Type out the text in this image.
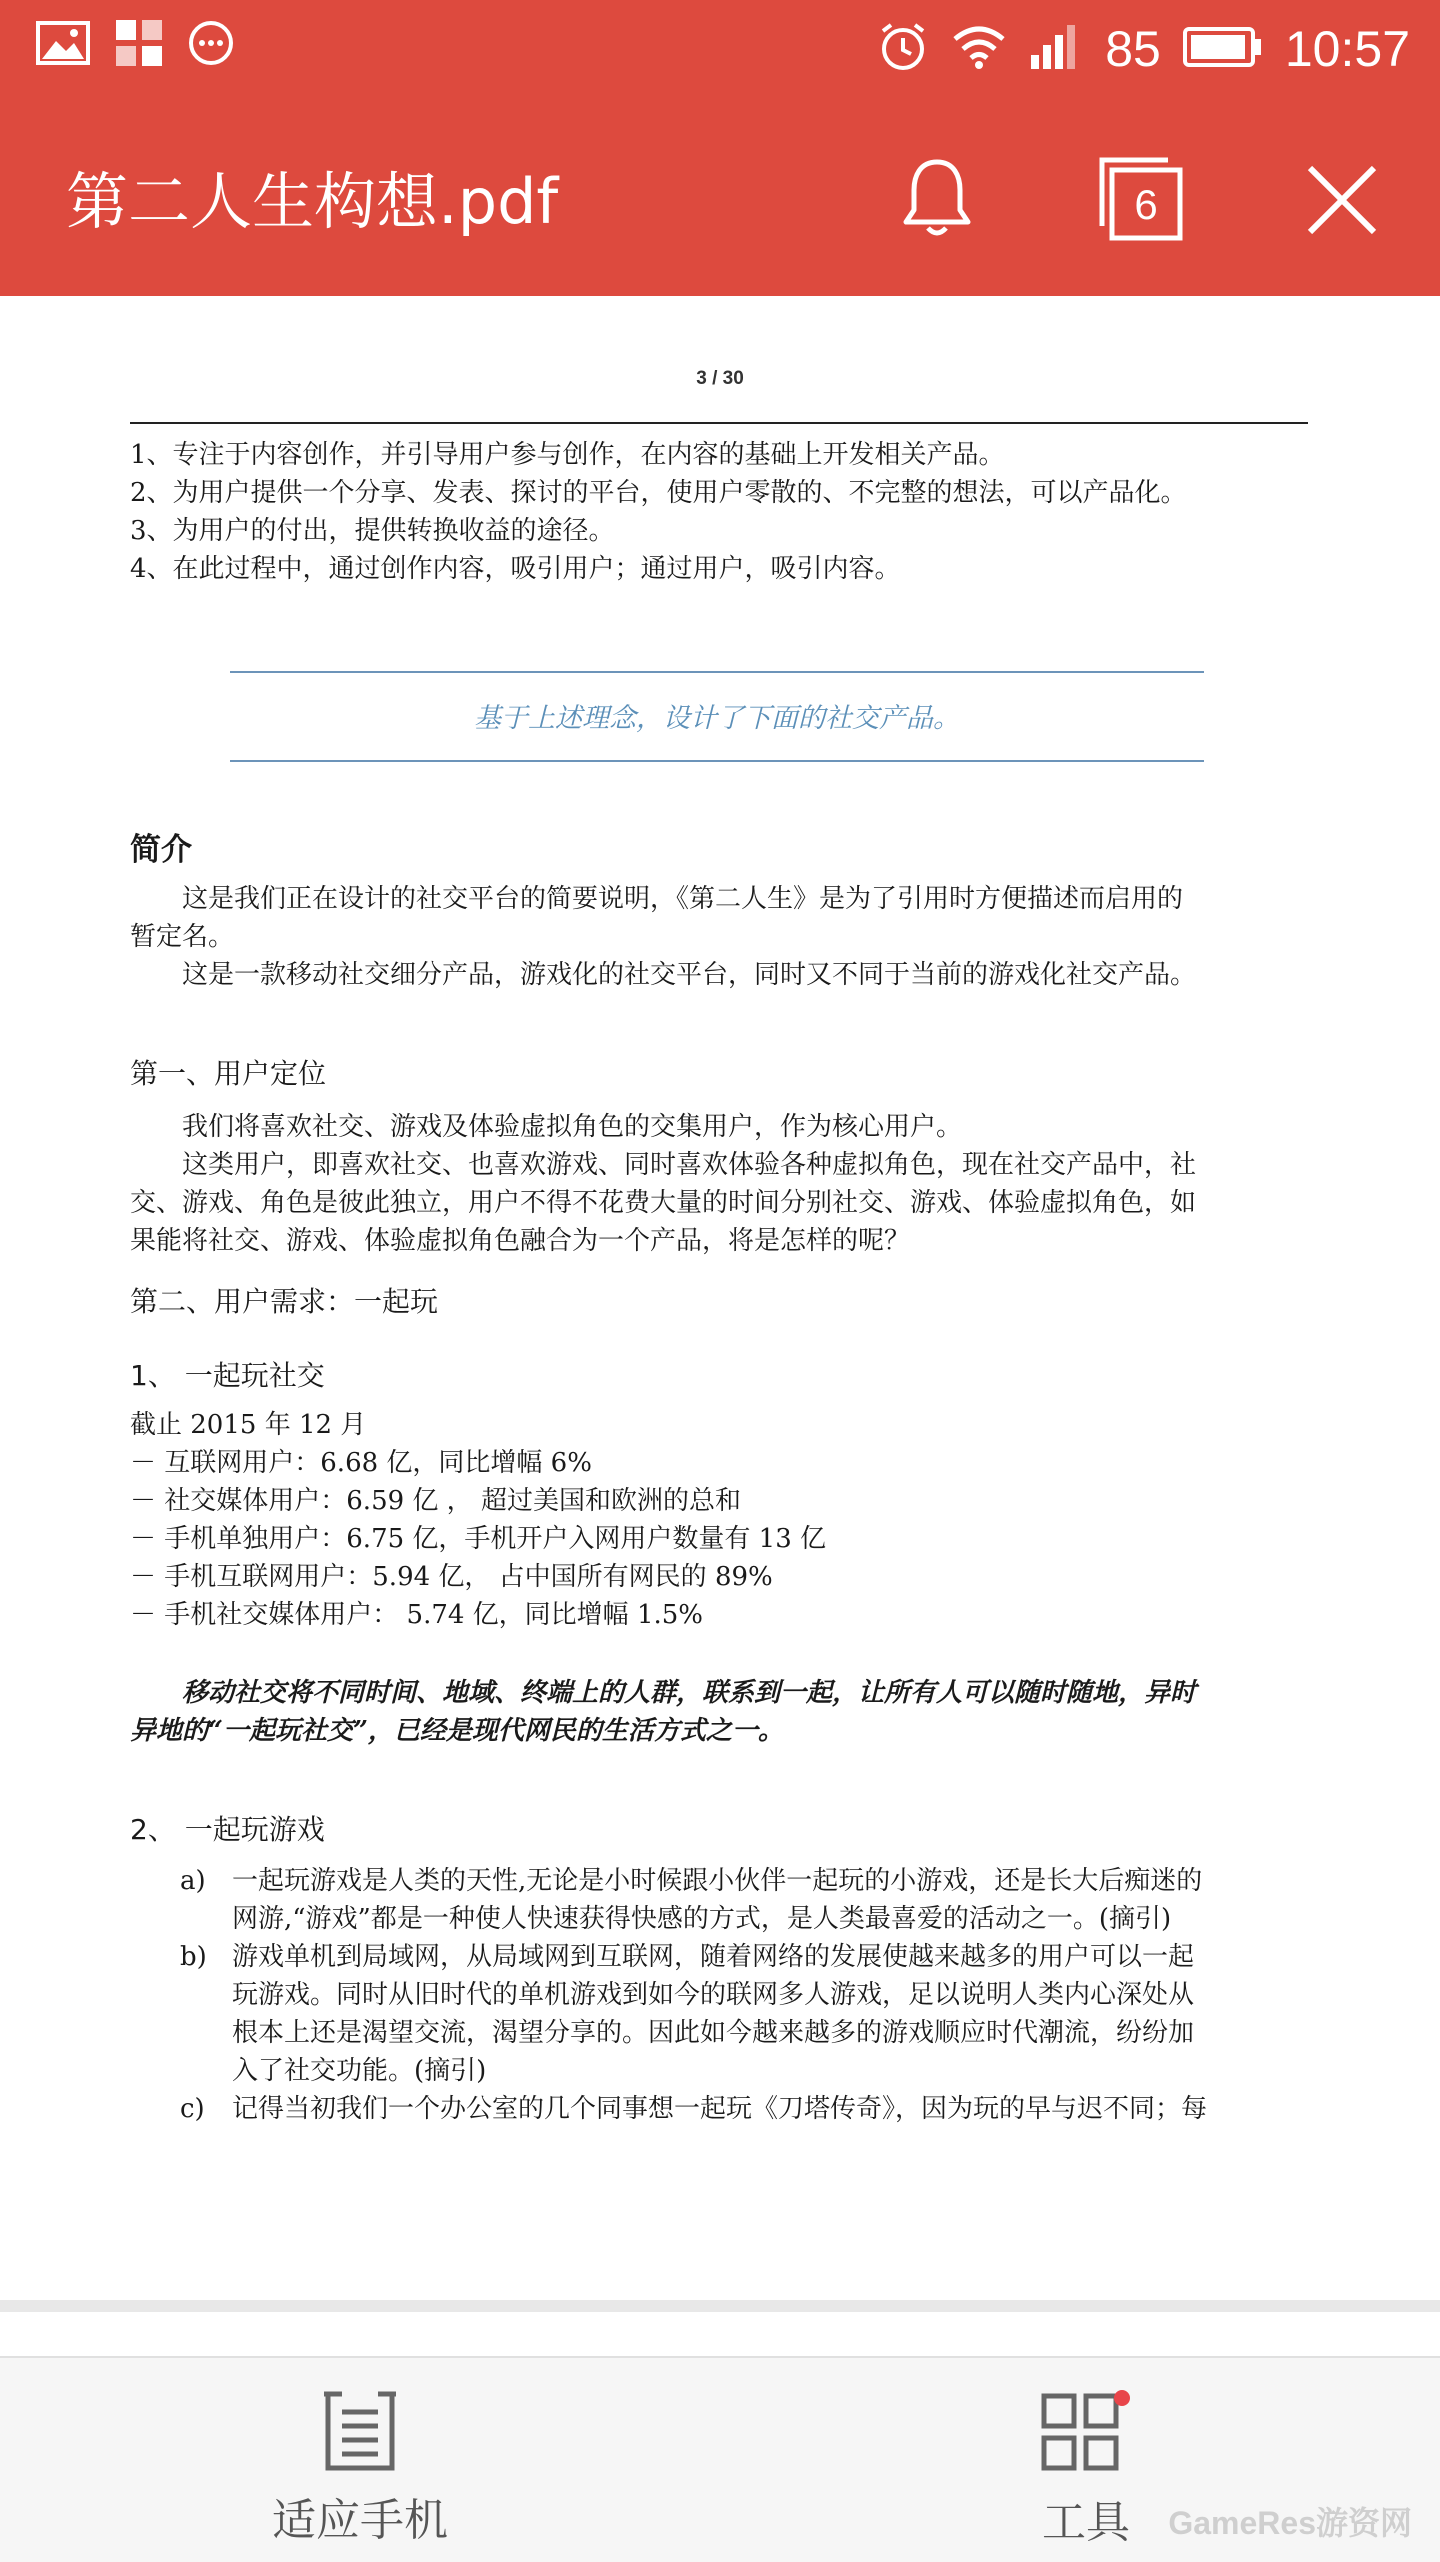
85 10:57
第二人生构想.pdf	6
3 / 30
1、专注于内容创作，并引导用户参与创作，在内容的基础上开发相关产品。
2、为用户提供一个分享、发表、探讨的平台，使用户零散的、不完整的想法，可以产品化。
3、为用户的付出，提供转换收益的途径。
4、在此过程中，通过创作内容，吸引用户；通过用户，吸引内容。
基于上述理念，设计了下面的社交产品。
简介
这是我们正在设计的社交平台的简要说明，《第二人生》是为了引用时方便描述而启用的
暂定名。
这是一款移动社交细分产品，游戏化的社交平台，同时又不同于当前的游戏化社交产品。
第一、用户定位
我们将喜欢社交、游戏及体验虚拟角色的交集用户，作为核心用户。
这类用户，即喜欢社交、也喜欢游戏、同时喜欢体验各种虚拟角色，现在社交产品中，社
交、游戏、角色是彼此独立，用户不得不花费大量的时间分别社交、游戏、体验虚拟角色，如
果能将社交、游戏、体验虚拟角色融合为一个产品，将是怎样的呢？
第二、用户需求：一起玩
1、 一起玩社交
截止 2015 年 12 月
－ 互联网用户：6.68 亿，同比增幅 6%
－ 社交媒体用户：6.59 亿 ， 超过美国和欧洲的总和
－ 手机单独用户：6.75 亿，手机开户入网用户数量有 13 亿
－ 手机互联网用户：5.94 亿， 占中国所有网民的 89%
－ 手机社交媒体用户： 5.74 亿，同比增幅 1.5%
移动社交将不同时间、地域、终端上的人群，联系到一起，让所有人可以随时随地，异时
异地的“一起玩社交”，已经是现代网民的生活方式之一。
2、 一起玩游戏
a) 一起玩游戏是人类的天性,无论是小时候跟小伙伴一起玩的小游戏，还是长大后痴迷的
网游,“游戏”都是一种使人快速获得快感的方式，是人类最喜爱的活动之一。(摘引)
b) 游戏单机到局域网，从局域网到互联网，随着网络的发展使越来越多的用户可以一起
玩游戏。同时从旧时代的单机游戏到如今的联网多人游戏，足以说明人类内心深处从
根本上还是渴望交流，渴望分享的。因此如今越来越多的游戏顺应时代潮流，纷纷加
入了社交功能。(摘引)
c) 记得当初我们一个办公室的几个同事想一起玩《刀塔传奇》，因为玩的早与迟不同；每
适应手机	工具	GameRes游资网
